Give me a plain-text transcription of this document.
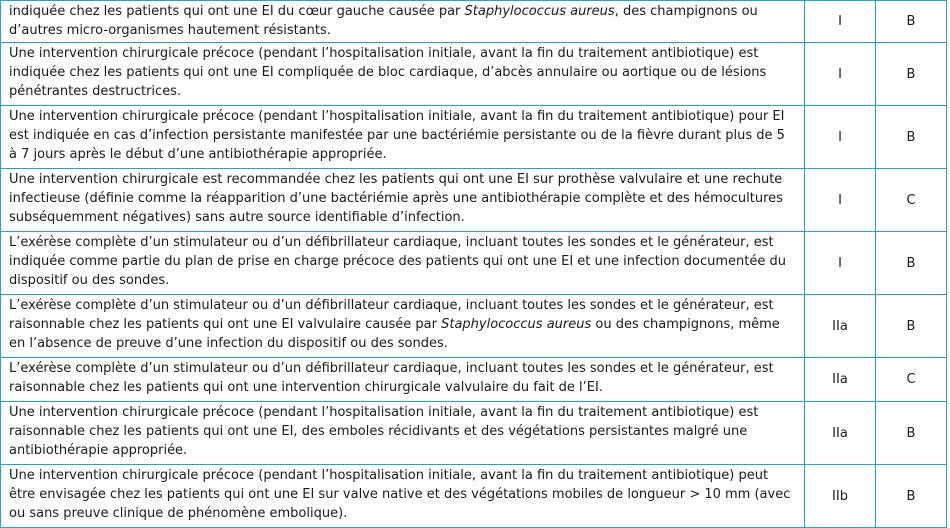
indiquée chez les patients qui ont une EI du cœur gauche causée par Staphylococcus aureus, des champignons ou d’autres micro-organismes hautement résistants.	I	B
Une intervention chirurgicale précoce (pendant l’hospitalisation initiale, avant la fin du traitement antibiotique) est indiquée chez les patients qui ont une EI compliquée de bloc cardiaque, d’abcès annulaire ou aortique ou de lésions pénétrantes destructrices.	I	B
Une intervention chirurgicale précoce (pendant l’hospitalisation initiale, avant la fin du traitement antibiotique) pour EI est indiquée en cas d’infection persistante manifestée par une bactériémie persistante ou de la fièvre durant plus de 5 à 7 jours après le début d’une antibiothérapie appropriée.	I	B
Une intervention chirurgicale est recommandée chez les patients qui ont une EI sur prothèse valvulaire et une rechute infectieuse (définie comme la réapparition d’une bactériémie après une antibiothérapie complète et des hémocultures subséquemment négatives) sans autre source identifiable d’infection.	I	C
L’exérèse complète d’un stimulateur ou d’un défibrillateur cardiaque, incluant toutes les sondes et le générateur, est indiquée comme partie du plan de prise en charge précoce des patients qui ont une EI et une infection documentée du dispositif ou des sondes.	I	B
L’exérèse complète d’un stimulateur ou d’un défibrillateur cardiaque, incluant toutes les sondes et le générateur, est raisonnable chez les patients qui ont une EI valvulaire causée par Staphylococcus aureus ou des champignons, même en l’absence de preuve d’une infection du dispositif ou des sondes.	IIa	B
L’exérèse complète d’un stimulateur ou d’un défibrillateur cardiaque, incluant toutes les sondes et le générateur, est raisonnable chez les patients qui ont une intervention chirurgicale valvulaire du fait de l’EI.	IIa	C
Une intervention chirurgicale précoce (pendant l’hospitalisation initiale, avant la fin du traitement antibiotique) est raisonnable chez les patients qui ont une EI, des emboles récidivants et des végétations persistantes malgré une antibiothérapie appropriée.	IIa	B
Une intervention chirurgicale précoce (pendant l’hospitalisation initiale, avant la fin du traitement antibiotique) peut être envisagée chez les patients qui ont une EI sur valve native et des végétations mobiles de longueur > 10 mm (avec ou sans preuve clinique de phénomène embolique).	IIb	B
